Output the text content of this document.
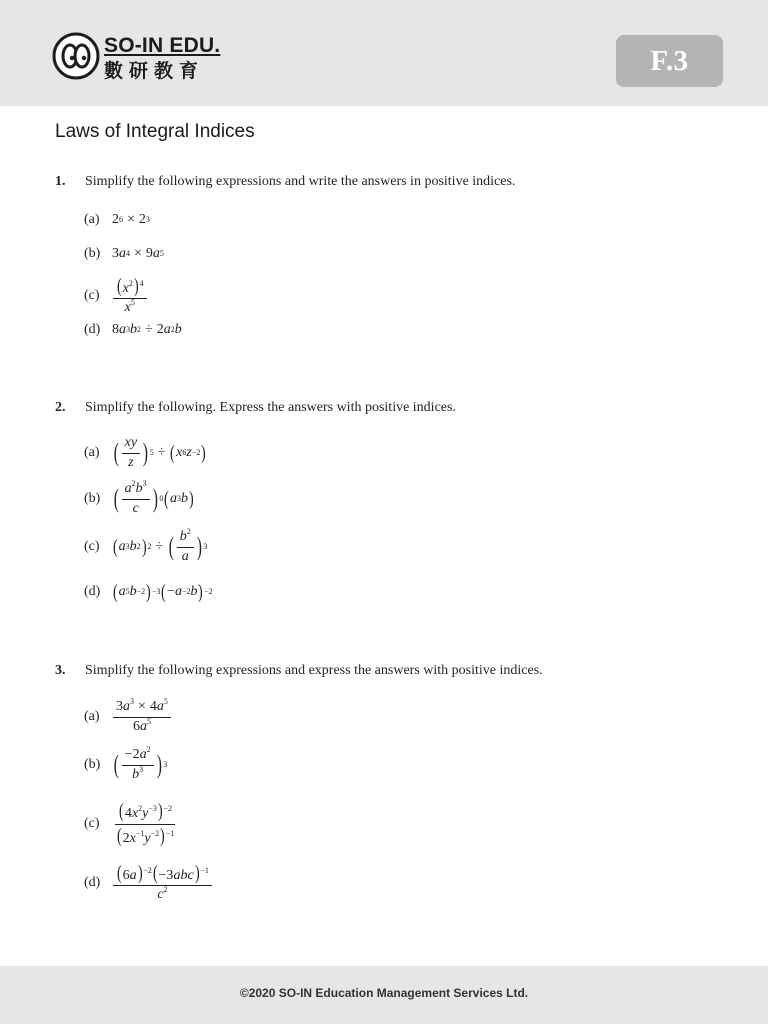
SO-IN EDU.
數研教育	F.3
Laws of Integral Indices
1. Simplify the following expressions and write the answers in positive indices.
(a) 2 6 × 2 3
(b) 3 a 4 × 9 a 5
$(c) \frac{(x^2)^4}{x^5}$
(d) 8 a 3 b 2 ÷ 2 a 2 b
2. Simplify the following. Express the answers with positive indices.
(a) ( $\frac{xy}{z}$ ) 5 ÷ ( x 6 z −2 )
(b) ( $\frac{a^2b^3}{c}$ ) 0 ( a 3 b )
(c) ( a 3 b 2 ) 2 ÷ ( $\frac{b^2}{a}$ ) 3
(d) ( a 5 b −2 ) −3 ( − a −2 b ) −2
3. Simplify the following expressions and express the answers with positive indices.
$(a) \frac{3a^3 \times 4a^5}{6a^5}$
(b) ( $\frac{-2a^2}{b^3}$ ) 3
$(c) \frac{(4x^2y^{-3})^{-2}}{(2x^{-1}y^{-2})^{-1}}$
$(d) \frac{(6a)^{-2}(-3abc)^{-1}}{c^2}$
©2020 SO-IN Education Management Services Ltd.
